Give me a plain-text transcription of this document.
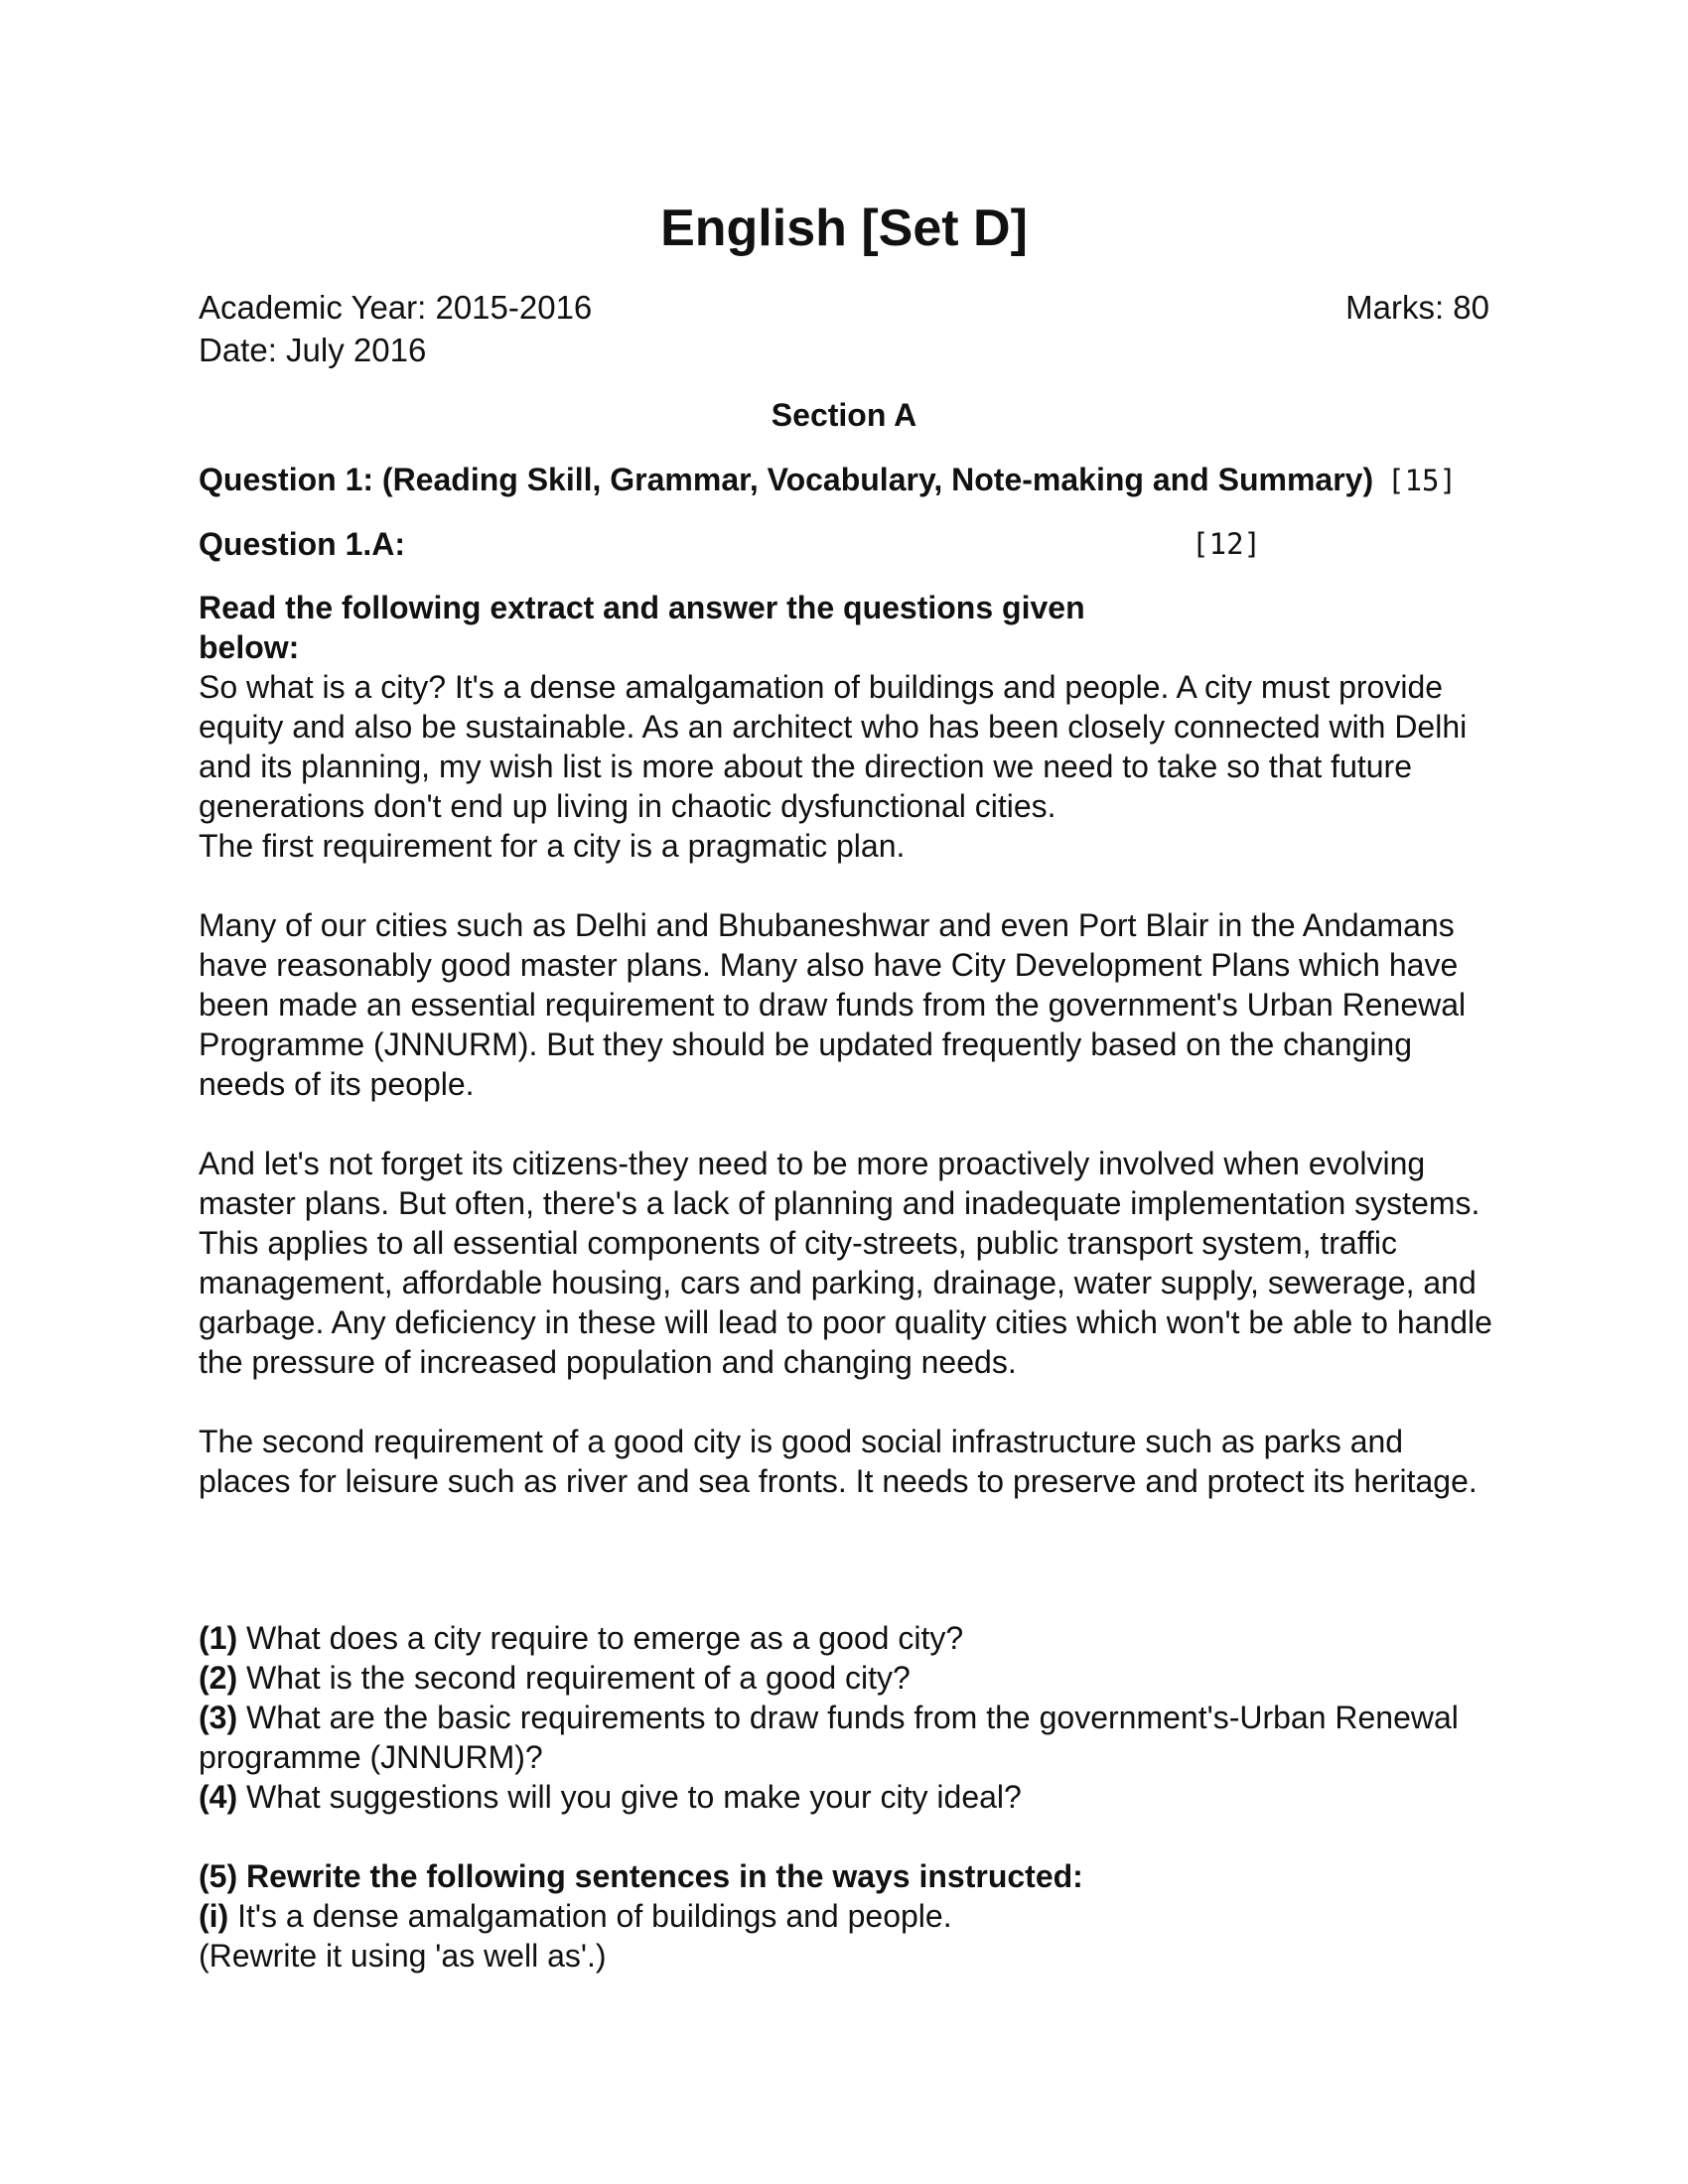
English [Set D]
Academic Year: 2015-2016
Date: July 2016
Marks: 80
Section A
Question 1: (Reading Skill, Grammar, Vocabulary, Note-making and Summary) [15]
Question 1.A:	[12]
Read the following extract and answer the questions given below:

So what is a city? It's a dense amalgamation of buildings and people. A city must provide equity and also be sustainable. As an architect who has been closely connected with Delhi and its planning, my wish list is more about the direction we need to take so that future generations don't end up living in chaotic dysfunctional cities.

The first requirement for a city is a pragmatic plan.

Many of our cities such as Delhi and Bhubaneshwar and even Port Blair in the Andamans have reasonably good master plans. Many also have City Development Plans which have been made an essential requirement to draw funds from the government's Urban Renewal Programme (JNNURM). But they should be updated frequently based on the changing needs of its people.

And let's not forget its citizens-they need to be more proactively involved when evolving master plans. But often, there's a lack of planning and inadequate implementation systems. This applies to all essential components of city-streets, public transport system, traffic management, affordable housing, cars and parking, drainage, water supply, sewerage, and garbage. Any deficiency in these will lead to poor quality cities which won't be able to handle the pressure of increased population and changing needs.

The second requirement of a good city is good social infrastructure such as parks and places for leisure such as river and sea fronts. It needs to preserve and protect its heritage.

(1) What does a city require to emerge as a good city?
(2) What is the second requirement of a good city?
(3) What are the basic requirements to draw funds from the government's-Urban Renewal programme (JNNURM)?
(4) What suggestions will you give to make your city ideal?
(5) Rewrite the following sentences in the ways instructed:
(i) It's a dense amalgamation of buildings and people.
(Rewrite it using 'as well as'.)
